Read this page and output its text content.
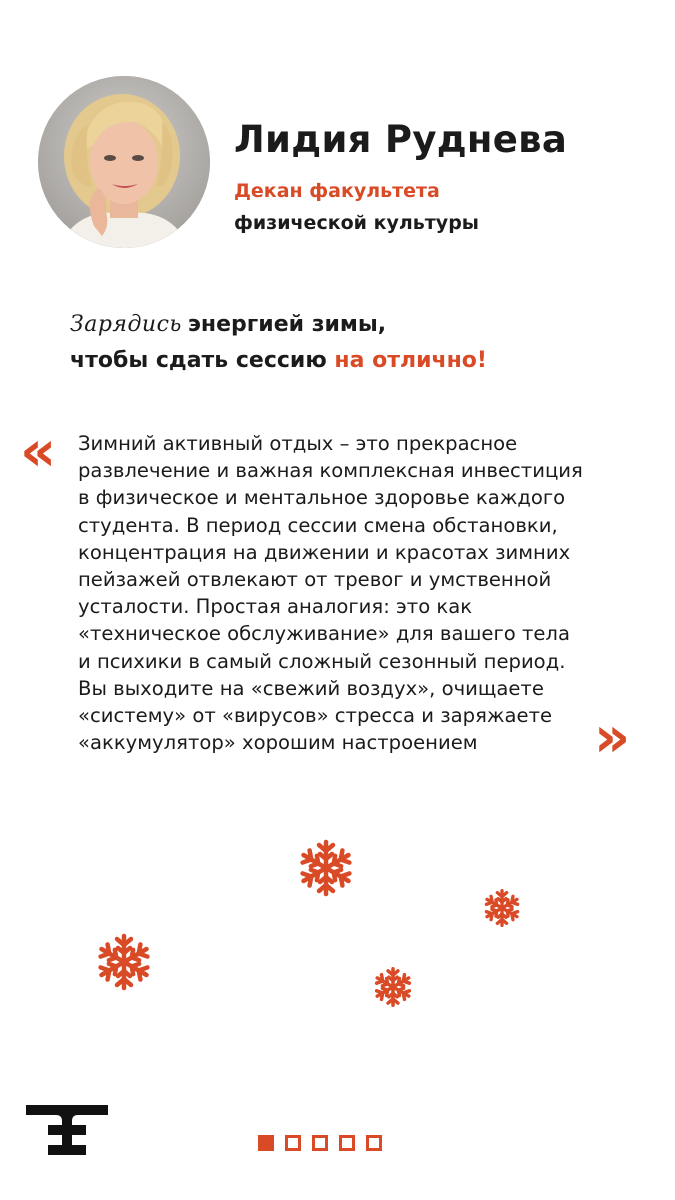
Лидия Руднева
Декан факультета
физической культуры
Зарядись энергией зимы,
чтобы сдать сессию на отлично!
« Зимний активный отдых – это прекрасное
развлечение и важная комплексная инвестиция
в физическое и ментальное здоровье каждого
студента. В период сессии смена обстановки,
концентрация на движении и красотах зимних
пейзажей отвлекают от тревог и умственной
усталости. Простая аналогия: это как
«техническое обслуживание» для вашего тела
и психики в самый сложный сезонный период.
Вы выходите на «свежий воздух», очищаете
«систему» от «вирусов» стресса и заряжаете
«аккумулятор» хорошим настроением	»
